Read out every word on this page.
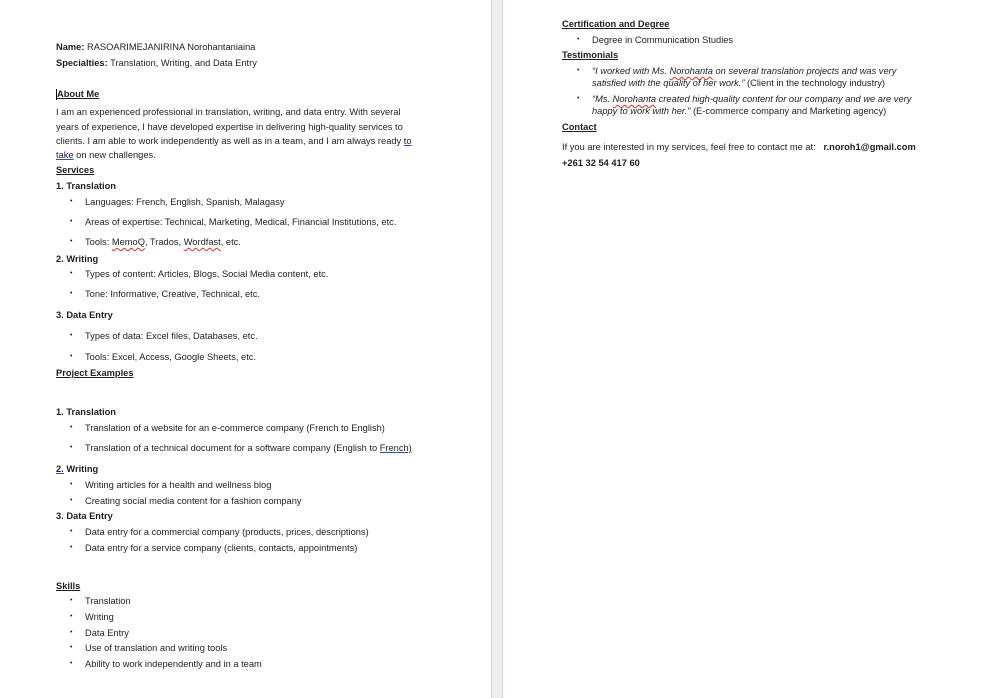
Name: RASOARIMEJANIRINA Norohantaniaina
Specialties: Translation, Writing, and Data Entry
About Me
I am an experienced professional in translation, writing, and data entry. With several
years of experience, I have developed expertise in delivering high-quality services to
clients. I am able to work independently as well as in a team, and I am always ready to
take on new challenges.
Services
1. Translation
• Languages: French, English, Spanish, Malagasy
• Areas of expertise: Technical, Marketing, Medical, Financial Institutions, etc.
• Tools: MemoQ, Trados, Wordfast, etc.
2. Writing
• Types of content: Articles, Blogs, Social Media content, etc.
• Tone: Informative, Creative, Technical, etc.
3. Data Entry
• Types of data: Excel files, Databases, etc.
• Tools: Excel, Access, Google Sheets, etc.
Project Examples
1. Translation
• Translation of a website for an e-commerce company (French to English)
• Translation of a technical document for a software company (English to French)
2. Writing
• Writing articles for a health and wellness blog
• Creating social media content for a fashion company
3. Data Entry
• Data entry for a commercial company (products, prices, descriptions)
• Data entry for a service company (clients, contacts, appointments)
Skills
• Translation
• Writing
• Data Entry
• Use of translation and writing tools
• Ability to work independently and in a team
Certification and Degree
• Degree in Communication Studies
Testimonials
• “I worked with Ms. Norohanta on several translation projects and was very
satisfied with the quality of her work.” (Client in the technology industry)
• “Ms. Norohanta created high-quality content for our company and we are very
happy to work with her.” (E-commerce company and Marketing agency)
Contact
If you are interested in my services, feel free to contact me at: r.noroh1@gmail.com
+261 32 54 417 60
